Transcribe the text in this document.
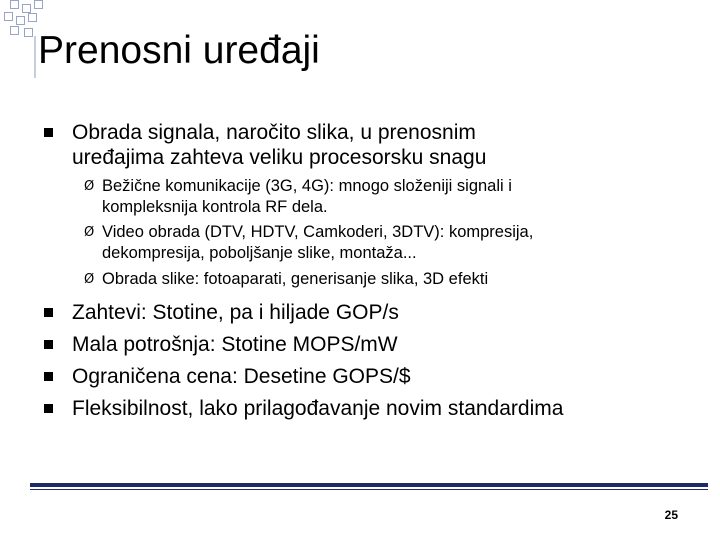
Prenosni uređaji
Obrada signala, naročito slika, u prenosnim
uređajima zahteva veliku procesorsku snagu
Ø Bežične komunikacije (3G, 4G): mnogo složeniji signali i
kompleksnija kontrola RF dela.
Ø Video obrada (DTV, HDTV, Camkoderi, 3DTV): kompresija,
dekompresija, poboljšanje slike, montaža...
Ø Obrada slike: fotoaparati, generisanje slika, 3D efekti
Zahtevi: Stotine, pa i hiljade GOP/s
Mala potrošnja: Stotine MOPS/mW
Ograničena cena: Desetine GOPS/$
Fleksibilnost, lako prilagođavanje novim standardima
25
